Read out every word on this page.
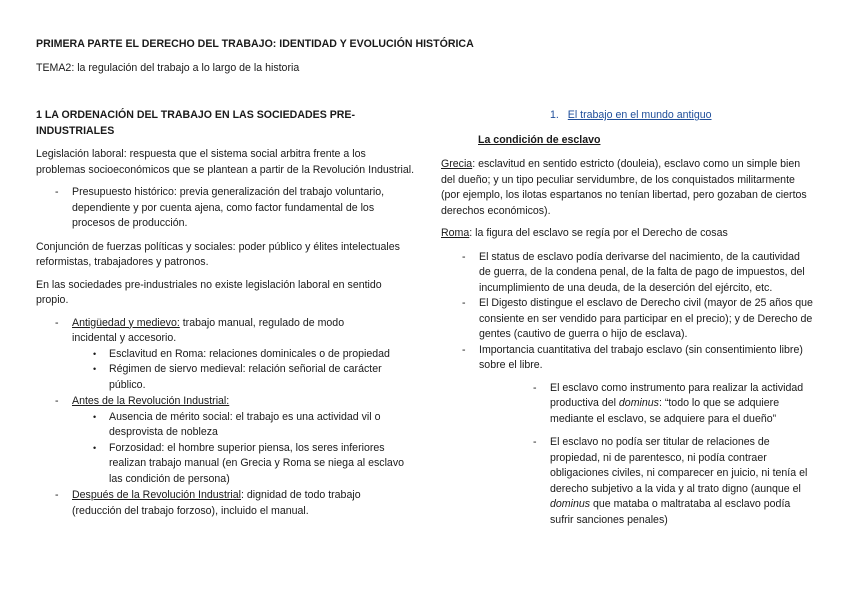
PRIMERA PARTE EL DERECHO DEL TRABAJO: IDENTIDAD Y EVOLUCIÓN HISTÓRICA
TEMA2: la regulación del trabajo a lo largo de la historia

1 LA ORDENACIÓN DEL TRABAJO EN LAS SOCIEDADES PRE-INDUSTRIALES

Legislación laboral: respuesta que el sistema social arbitra frente a los problemas socioeconómicos que se plantean a partir de la Revolución Industrial.

- Presupuesto histórico: previa generalización del trabajo voluntario, dependiente y por cuenta ajena, como factor fundamental de los procesos de producción.

Conjunción de fuerzas políticas y sociales: poder público y élites intelectuales reformistas, trabajadores y patronos.

En las sociedades pre-industriales no existe legislación laboral en sentido propio.

- Antigüedad y medievo: trabajo manual, regulado de modo incidental y accesorio.

• Esclavitud en Roma: relaciones dominicales o de propiedad

• Régimen de siervo medieval: relación señorial de carácter público.

- Antes de la Revolución Industrial:

• Ausencia de mérito social: el trabajo es una actividad vil o desprovista de nobleza

• Forzosidad: el hombre superior piensa, los seres inferiores realizan trabajo manual (en Grecia y Roma se niega al esclavo las condición de persona)

- Después de la Revolución Industrial: dignidad de todo trabajo (reducción del trabajo forzoso), incluido el manual.

1. El trabajo en el mundo antiguo
La condición de esclavo

Grecia: esclavitud en sentido estricto (douleia), esclavo como un simple bien del dueño; y un tipo peculiar servidumbre, de los conquistados militarmente (por ejemplo, los ilotas espartanos no tenían libertad, pero gozaban de ciertos derechos económicos).

Roma: la figura del esclavo se regía por el Derecho de cosas

- El status de esclavo podía derivarse del nacimiento, de la cautividad de guerra, de la condena penal, de la falta de pago de impuestos, del incumplimiento de una deuda, de la deserción del ejército, etc.

- El Digesto distingue el esclavo de Derecho civil (mayor de 25 años que consiente en ser vendido para participar en el precio); y de Derecho de gentes (cautivo de guerra o hijo de esclava).

- Importancia cuantitativa del trabajo esclavo (sin consentimiento libre) sobre el libre.

- El esclavo como instrumento para realizar la actividad productiva del dominus: “todo lo que se adquiere mediante el esclavo, se adquiere para el dueño”

- El esclavo no podía ser titular de relaciones de propiedad, ni de parentesco, ni podía contraer obligaciones civiles, ni comparecer en juicio, ni tenía el derecho subjetivo a la vida y al trato digno (aunque el dominus que mataba o maltrataba al esclavo podía sufrir sanciones penales)
